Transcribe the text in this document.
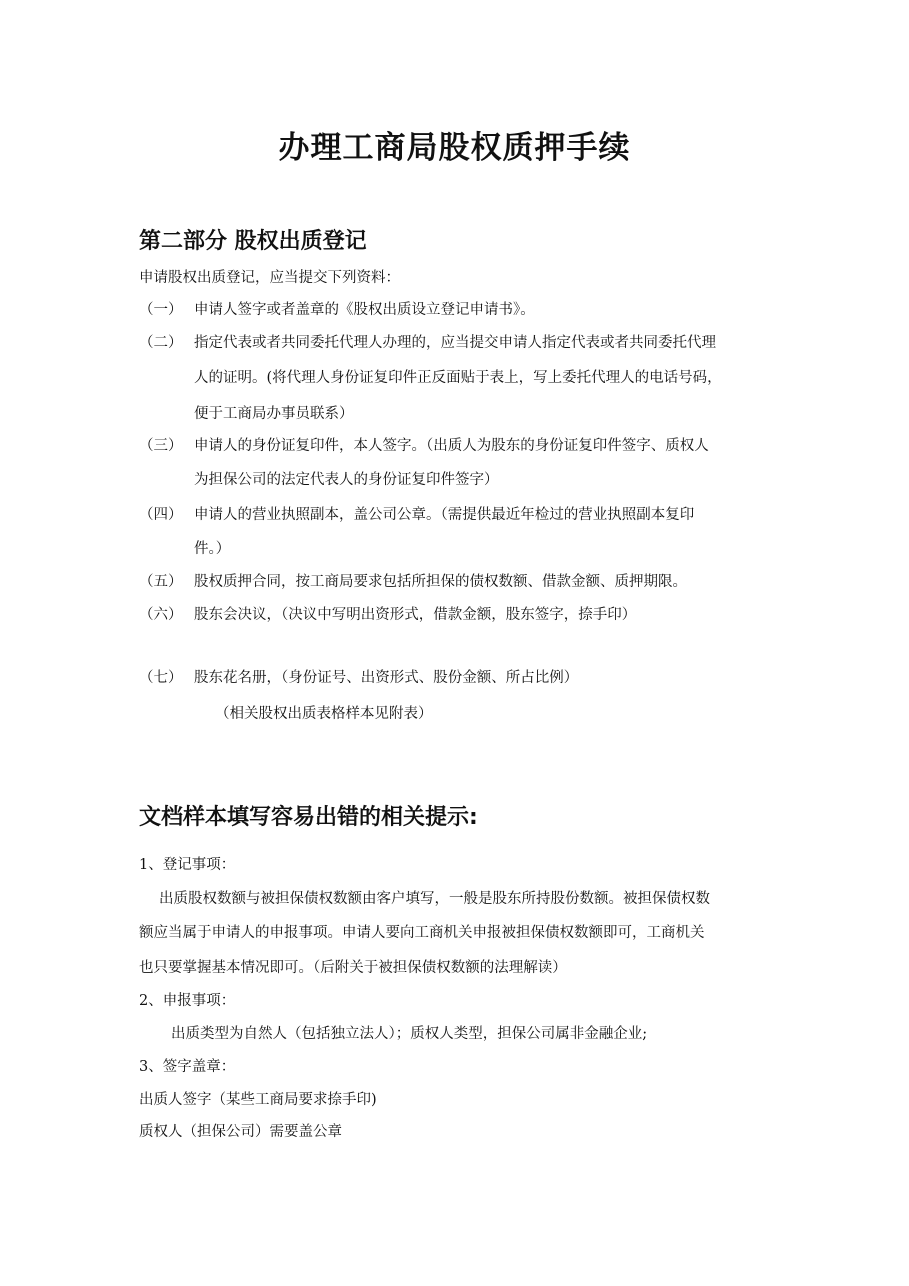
办理工商局股权质押手续
第二部分 股权出质登记
申请股权出质登记，应当提交下列资料：
（一） 申请人签字或者盖章的《股权出质设立登记申请书》。
（二） 指定代表或者共同委托代理人办理的，应当提交申请人指定代表或者共同委托代理
人的证明。(将代理人身份证复印件正反面贴于表上，写上委托代理人的电话号码，
便于工商局办事员联系）
（三） 申请人的身份证复印件，本人签字。（出质人为股东的身份证复印件签字、质权人
为担保公司的法定代表人的身份证复印件签字）
（四） 申请人的营业执照副本，盖公司公章。（需提供最近年检过的营业执照副本复印
件。）
（五） 股权质押合同，按工商局要求包括所担保的债权数额、借款金额、质押期限。
（六） 股东会决议，（决议中写明出资形式，借款金额，股东签字，捺手印）
（七） 股东花名册，（身份证号、出资形式、股份金额、所占比例）
（相关股权出质表格样本见附表）
文档样本填写容易出错的相关提示:
1、登记事项：
出质股权数额与被担保债权数额由客户填写，一般是股东所持股份数额。被担保债权数
额应当属于申请人的申报事项。申请人要向工商机关申报被担保债权数额即可，工商机关
也只要掌握基本情况即可。（后附关于被担保债权数额的法理解读）
2、申报事项：
出质类型为自然人（包括独立法人）；质权人类型，担保公司属非金融企业;
3、签字盖章：
出质人签字（某些工商局要求捺手印)
质权人（担保公司）需要盖公章
